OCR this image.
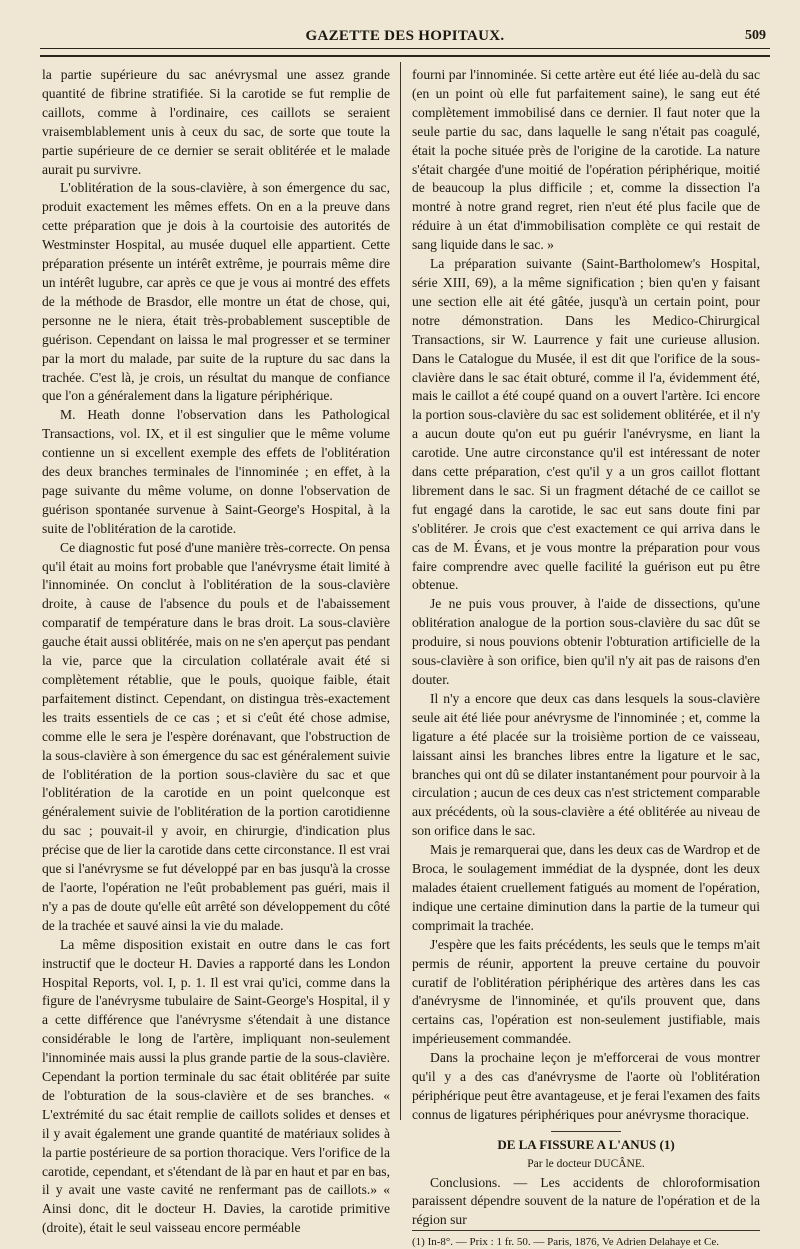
GAZETTE DES HOPITAUX.	509

la partie supérieure du sac anévrysmal une assez grande quantité de fibrine stratifiée. Si la carotide se fut remplie de caillots, comme à l'ordinaire, ces caillots se seraient vraisemblablement unis à ceux du sac, de sorte que toute la partie supérieure de ce dernier se serait oblitérée et le malade aurait pu survivre.

L'oblitération de la sous-clavière, à son émergence du sac, produit exactement les mêmes effets. On en a la preuve dans cette préparation que je dois à la courtoisie des autorités de Westminster Hospital, au musée duquel elle appartient. Cette préparation présente un intérêt extrême, je pourrais même dire un intérêt lugubre, car après ce que je vous ai montré des effets de la méthode de Brasdor, elle montre un état de chose, qui, personne ne le niera, était très-probablement susceptible de guérison. Cependant on laissa le mal progresser et se terminer par la mort du malade, par suite de la rupture du sac dans la trachée. C'est là, je crois, un résultat du manque de confiance que l'on a généralement dans la ligature périphérique.

M. Heath donne l'observation dans les Pathological Transactions, vol. IX, et il est singulier que le même volume contienne un si excellent exemple des effets de l'oblitération des deux branches terminales de l'innominée ; en effet, à la page suivante du même volume, on donne l'observation de guérison spontanée survenue à Saint-George's Hospital, à la suite de l'oblitération de la carotide.

Ce diagnostic fut posé d'une manière très-correcte. On pensa qu'il était au moins fort probable que l'anévrysme était limité à l'innominée. On conclut à l'oblitération de la sous-clavière droite, à cause de l'absence du pouls et de l'abaissement comparatif de température dans le bras droit. La sous-clavière gauche était aussi oblitérée, mais on ne s'en aperçut pas pendant la vie, parce que la circulation collatérale avait été si complètement rétablie, que le pouls, quoique faible, était parfaitement distinct. Cependant, on distingua très-exactement les traits essentiels de ce cas ; et si c'eût été chose admise, comme elle le sera je l'espère dorénavant, que l'obstruction de la sous-clavière à son émergence du sac est généralement suivie de l'oblitération de la portion sous-clavière du sac et que l'oblitération de la carotide en un point quelconque est généralement suivie de l'oblitération de la portion carotidienne du sac ; pouvait-il y avoir, en chirurgie, d'indication plus précise que de lier la carotide dans cette circonstance. Il est vrai que si l'anévrysme se fut développé par en bas jusqu'à la crosse de l'aorte, l'opération ne l'eût probablement pas guéri, mais il n'y a pas de doute qu'elle eût arrêté son développement du côté de la trachée et sauvé ainsi la vie du malade.

La même disposition existait en outre dans le cas fort instructif que le docteur H. Davies a rapporté dans les London Hospital Reports, vol. I, p. 1. Il est vrai qu'ici, comme dans la figure de l'anévrysme tubulaire de Saint-George's Hospital, il y a cette différence que l'anévrysme s'étendait à une distance considérable le long de l'artère, impliquant non-seulement l'innominée mais aussi la plus grande partie de la sous-clavière. Cependant la portion terminale du sac était oblitérée par suite de l'obturation de la sous-clavière et de ses branches. « L'extrémité du sac était remplie de caillots solides et denses et il y avait également une grande quantité de matériaux solides à la partie postérieure de sa portion thoracique. Vers l'orifice de la carotide, cependant, et s'étendant de là par en haut et par en bas, il y avait une vaste cavité ne renfermant pas de caillots.» « Ainsi donc, dit le docteur H. Davies, la carotide primitive (droite), était le seul vaisseau encore perméable

fourni par l'innominée. Si cette artère eut été liée au-delà du sac (en un point où elle fut parfaitement saine), le sang eut été complètement immobilisé dans ce dernier. Il faut noter que la seule partie du sac, dans laquelle le sang n'était pas coagulé, était la poche située près de l'origine de la carotide. La nature s'était chargée d'une moitié de l'opération périphérique, moitié de beaucoup la plus difficile ; et, comme la dissection l'a montré à notre grand regret, rien n'eut été plus facile que de réduire à un état d'immobilisation complète ce qui restait de sang liquide dans le sac. »

La préparation suivante (Saint-Bartholomew's Hospital, série XIII, 69), a la même signification ; bien qu'en y faisant une section elle ait été gâtée, jusqu'à un certain point, pour notre démonstration. Dans les Medico-Chirurgical Transactions, sir W. Laurrence y fait une curieuse allusion. Dans le Catalogue du Musée, il est dit que l'orifice de la sous-clavière dans le sac était obturé, comme il l'a, évidemment été, mais le caillot a été coupé quand on a ouvert l'artère. Ici encore la portion sous-clavière du sac est solidement oblitérée, et il n'y a aucun doute qu'on eut pu guérir l'anévrysme, en liant la carotide. Une autre circonstance qu'il est intéressant de noter dans cette préparation, c'est qu'il y a un gros caillot flottant librement dans le sac. Si un fragment détaché de ce caillot se fut engagé dans la carotide, le sac eut sans doute fini par s'oblitérer. Je crois que c'est exactement ce qui arriva dans le cas de M. Évans, et je vous montre la préparation pour vous faire comprendre avec quelle facilité la guérison eut pu être obtenue.

Je ne puis vous prouver, à l'aide de dissections, qu'une oblitération analogue de la portion sous-clavière du sac dût se produire, si nous pouvions obtenir l'obturation artificielle de la sous-clavière à son orifice, bien qu'il n'y ait pas de raisons d'en douter.

Il n'y a encore que deux cas dans lesquels la sous-clavière seule ait été liée pour anévrysme de l'innominée ; et, comme la ligature a été placée sur la troisième portion de ce vaisseau, laissant ainsi les branches libres entre la ligature et le sac, branches qui ont dû se dilater instantanément pour pourvoir à la circulation ; aucun de ces deux cas n'est strictement comparable aux précédents, où la sous-clavière a été oblitérée au niveau de son orifice dans le sac.

Mais je remarquerai que, dans les deux cas de Wardrop et de Broca, le soulagement immédiat de la dyspnée, dont les deux malades étaient cruellement fatigués au moment de l'opération, indique une certaine diminution dans la partie de la tumeur qui comprimait la trachée.

J'espère que les faits précédents, les seuls que le temps m'ait permis de réunir, apportent la preuve certaine du pouvoir curatif de l'oblitération périphérique des artères dans les cas d'anévrysme de l'innominée, et qu'ils prouvent que, dans certains cas, l'opération est non-seulement justifiable, mais impérieusement commandée.

Dans la prochaine leçon je m'efforcerai de vous montrer qu'il y a des cas d'anévrysme de l'aorte où l'oblitération périphérique peut être avantageuse, et je ferai l'examen des faits connus de ligatures périphériques pour anévrysme thoracique.

DE LA FISSURE A L'ANUS (1)

Par le docteur DUCÂNE.

Conclusions. — Les accidents de chloroformisation paraissent dépendre souvent de la nature de l'opération et de la région sur

(1) In-8°. — Prix : 1 fr. 50. — Paris, 1876, Ve Adrien Delahaye et Ce.
